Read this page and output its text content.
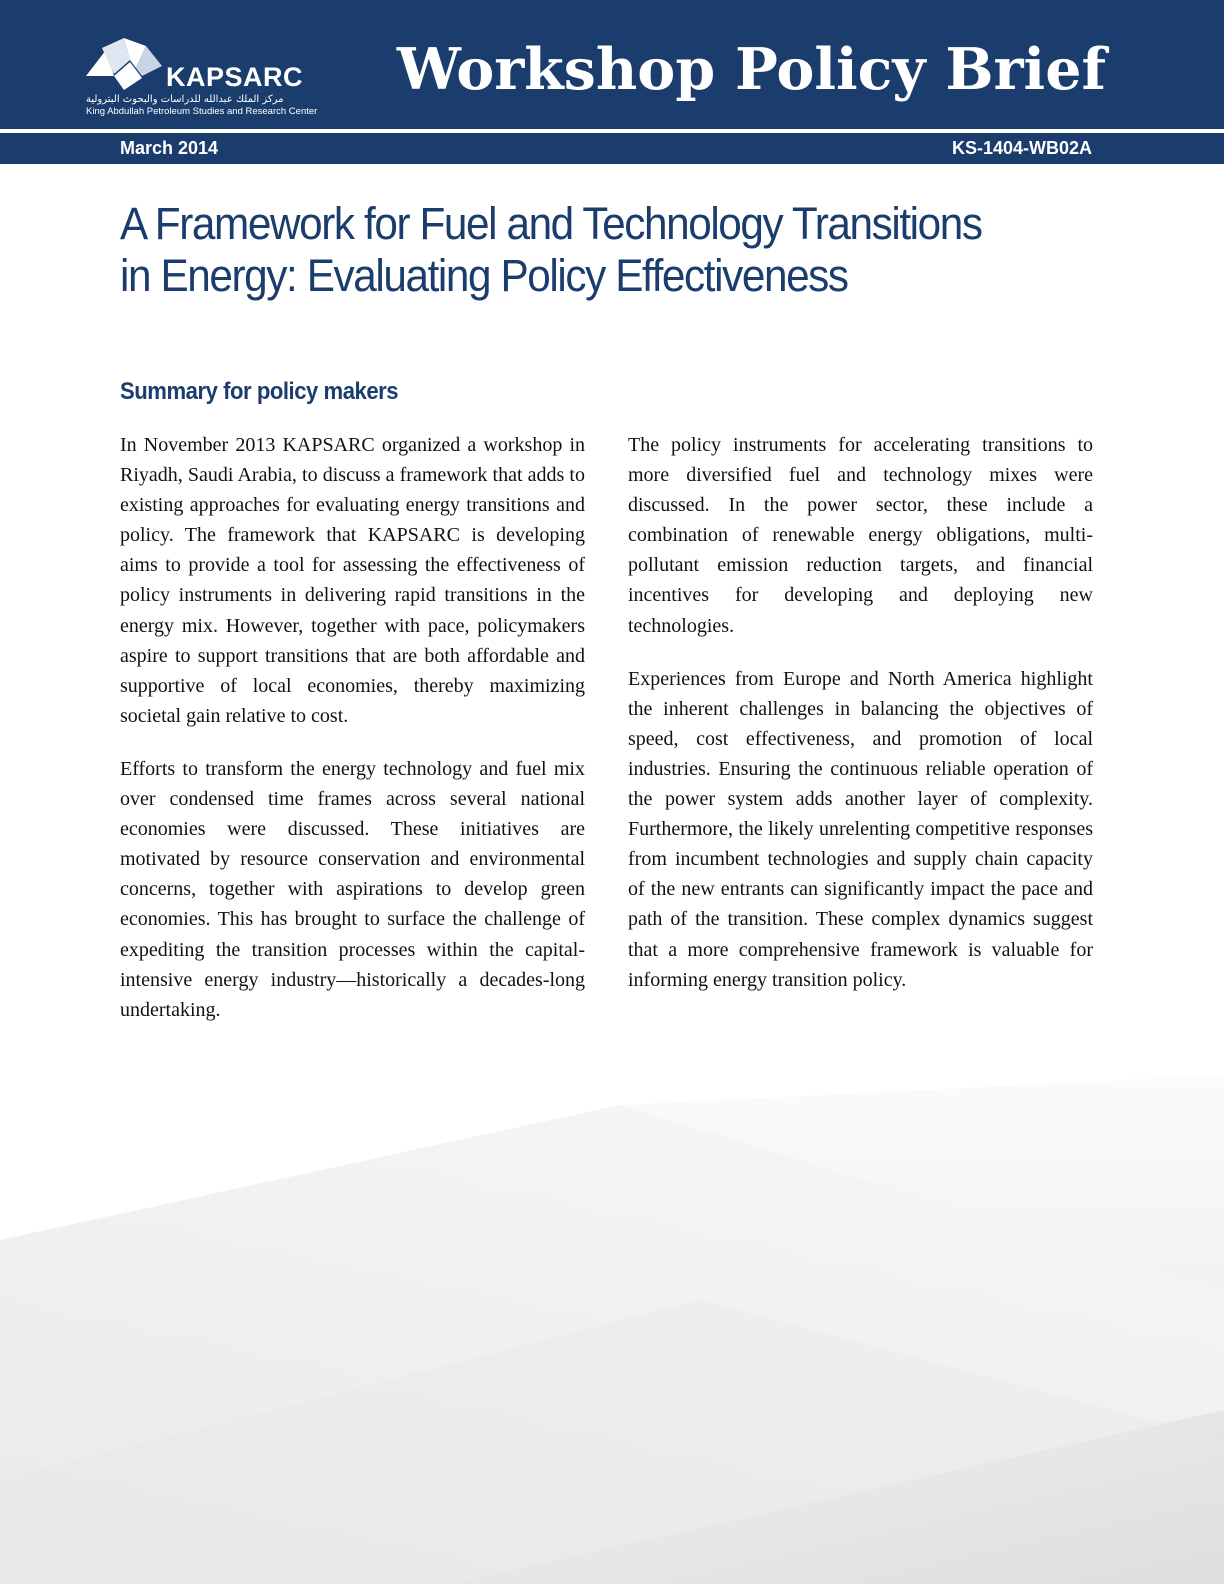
KAPSARC
مركز الملك عبدالله للدراسات والبحوث البترولية
King Abdullah Petroleum Studies and Research Center
Workshop Policy Brief
March 2014	KS-1404-WB02A
A Framework for Fuel and Technology Transitions
in Energy: Evaluating Policy Effectiveness
Summary for policy makers

In November 2013 KAPSARC organized a workshop in Riyadh, Saudi Arabia, to discuss a framework that adds to existing approaches for evaluating energy transitions and policy. The framework that KAPSARC is developing aims to provide a tool for assessing the effectiveness of policy instruments in delivering rapid transitions in the energy mix. However, together with pace, policymakers aspire to support transitions that are both affordable and supportive of local economies, thereby maximizing societal gain relative to cost.

Efforts to transform the energy technology and fuel mix over condensed time frames across several national economies were discussed. These initiatives are motivated by resource conservation and environmental concerns, together with aspirations to develop green economies. This has brought to surface the challenge of expediting the transition processes within the capital-intensive energy industry—historically a decades-long undertaking.

The policy instruments for accelerating transitions to more diversified fuel and technology mixes were discussed. In the power sector, these include a combination of renewable energy obligations, multi-pollutant emission reduction targets, and financial incentives for developing and deploying new technologies.

Experiences from Europe and North America highlight the inherent challenges in balancing the objectives of speed, cost effectiveness, and promotion of local industries. Ensuring the continuous reliable operation of the power system adds another layer of complexity. Furthermore, the likely unrelenting competitive responses from incumbent technologies and supply chain capacity of the new entrants can significantly impact the pace and path of the transition. These complex dynamics suggest that a more comprehensive framework is valuable for informing energy transition policy.
